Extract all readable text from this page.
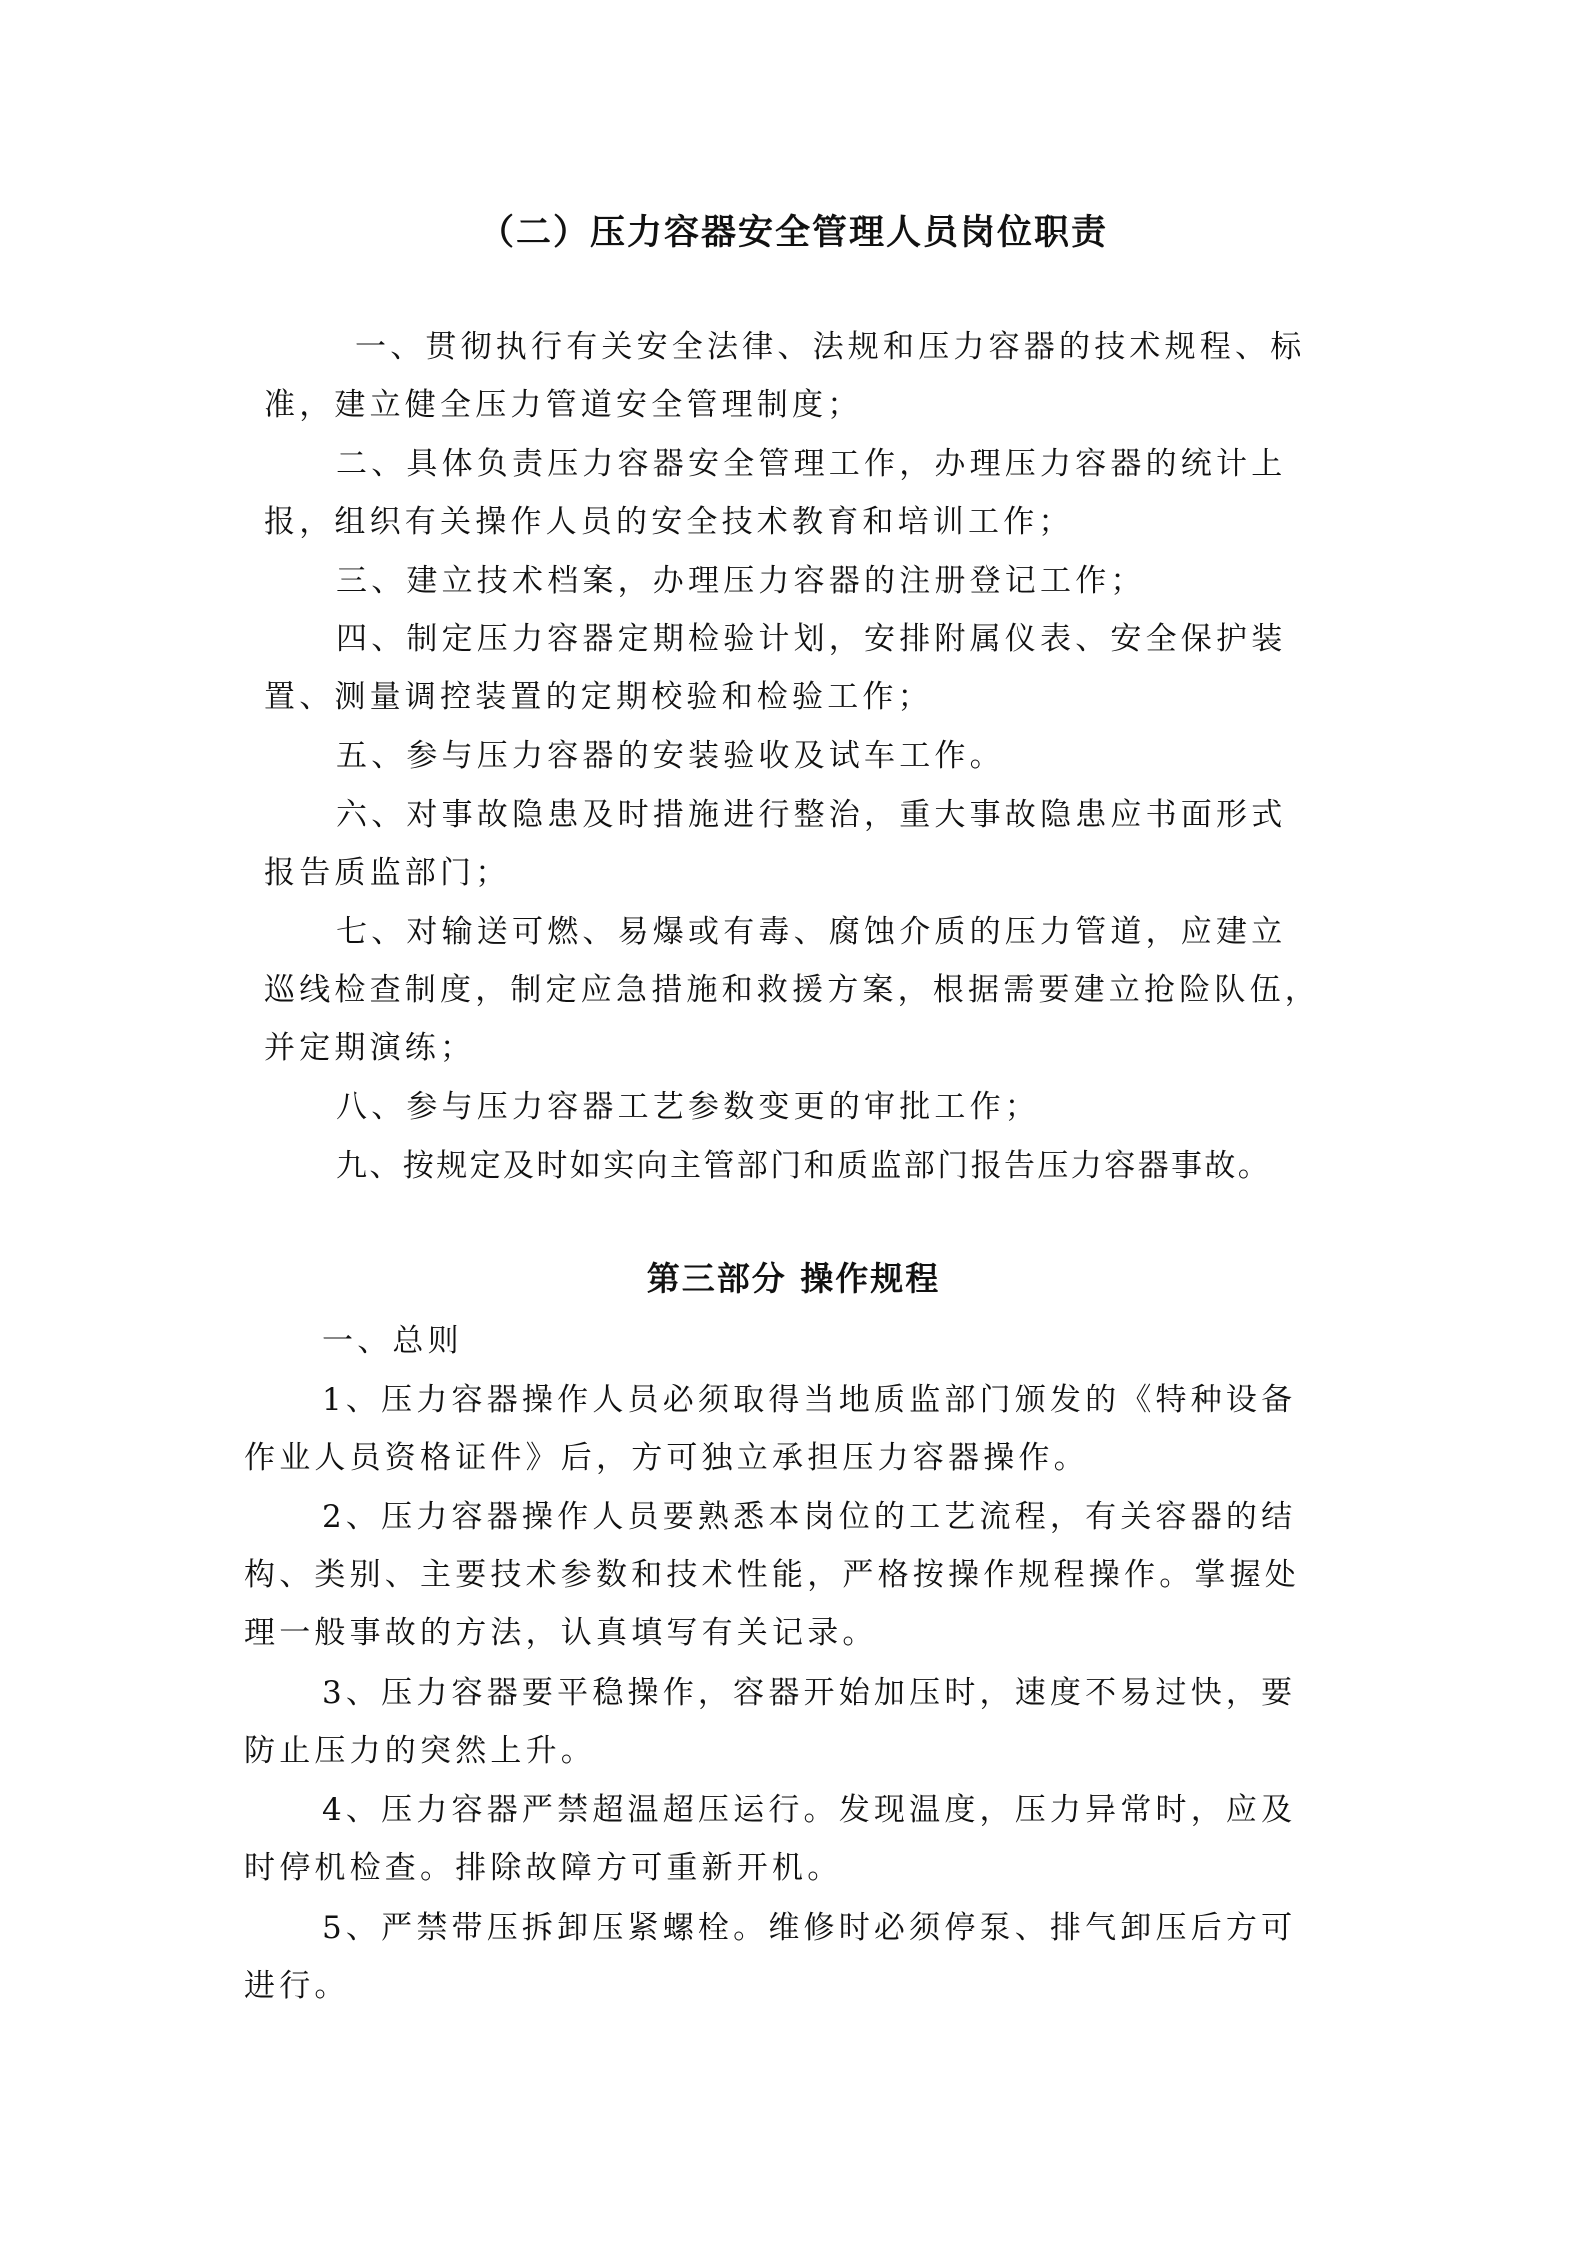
（二）压力容器安全管理人员岗位职责
一、贯彻执行有关安全法律、法规和压力容器的技术规程、标
准，建立健全压力管道安全管理制度；
二、具体负责压力容器安全管理工作，办理压力容器的统计上
报，组织有关操作人员的安全技术教育和培训工作；
三、建立技术档案，办理压力容器的注册登记工作；
四、制定压力容器定期检验计划，安排附属仪表、安全保护装
置、测量调控装置的定期校验和检验工作；
五、参与压力容器的安装验收及试车工作。
六、对事故隐患及时措施进行整治，重大事故隐患应书面形式
报告质监部门；
七、对输送可燃、易爆或有毒、腐蚀介质的压力管道，应建立
巡线检查制度，制定应急措施和救援方案，根据需要建立抢险队伍，
并定期演练；
八、参与压力容器工艺参数变更的审批工作；
九、按规定及时如实向主管部门和质监部门报告压力容器事故。
第三部分 操作规程
一、总则
1、压力容器操作人员必须取得当地质监部门颁发的《特种设备
作业人员资格证件》后，方可独立承担压力容器操作。
2、压力容器操作人员要熟悉本岗位的工艺流程，有关容器的结
构、类别、主要技术参数和技术性能，严格按操作规程操作。掌握处
理一般事故的方法，认真填写有关记录。
3、压力容器要平稳操作，容器开始加压时，速度不易过快，要
防止压力的突然上升。
4、压力容器严禁超温超压运行。发现温度，压力异常时，应及
时停机检查。排除故障方可重新开机。
5、严禁带压拆卸压紧螺栓。维修时必须停泵、排气卸压后方可
进行。
